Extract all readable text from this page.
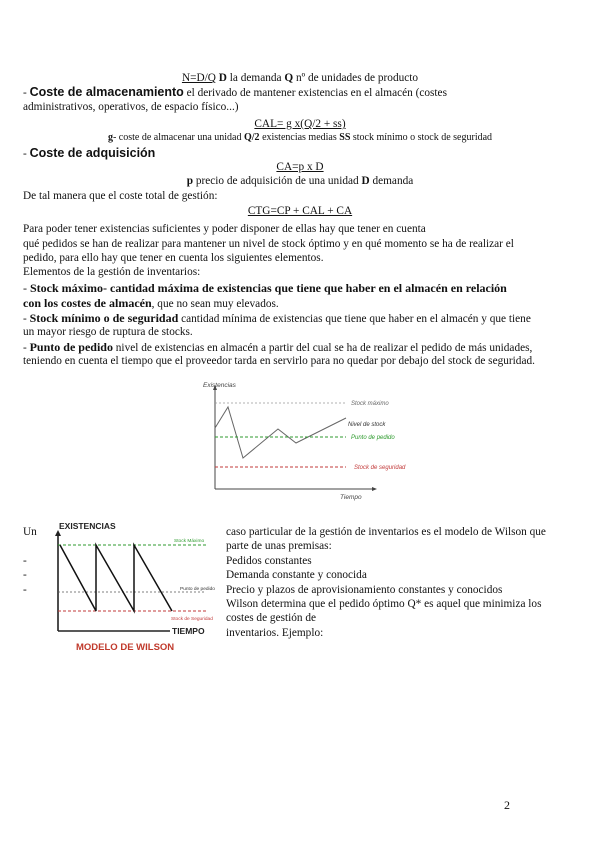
N=D/Q D la demanda Q nº de unidades de producto
- Coste de almacenamiento el derivado de mantener existencias en el almacén (costes
administrativos, operativos, de espacio físico...)
CAL= g x(Q/2 + ss)
g- coste de almacenar una unidad Q/2 existencias medias SS stock mínimo o stock de seguridad
- Coste de adquisición
CA=p x D
p precio de adquisición de una unidad D demanda
De tal manera que el coste total de gestión:
CTG=CP + CAL + CA
Para poder tener existencias suficientes y poder disponer de ellas hay que tener en cuenta
qué pedidos se han de realizar para mantener un nivel de stock óptimo y en qué momento se ha de realizar el
pedido, para ello hay que tener en cuenta los siguientes elementos.
Elementos de la gestión de inventarios:
- Stock máximo- cantidad máxima de existencias que tiene que haber en el almacén en relación
con los costes de almacén, que no sean muy elevados.
- Stock mínimo o de seguridad cantidad mínima de existencias que tiene que haber en el almacén y que tiene
un mayor riesgo de ruptura de stocks.
- Punto de pedido nivel de existencias en almacén a partir del cual se ha de realizar el pedido de más unidades,
teniendo en cuenta el tiempo que el proveedor tarda en servirlo para no quedar por debajo del stock de seguridad.
Existencias
Tiempo
Stock máximo
Nivel de stock
Punto de pedido
Stock de seguridad
Un	EXISTENCIAS
TIEMPO
Stock Máximo
Punto de pedido
Stock de Seguridad
MODELO DE WILSON
caso particular de la gestión de inventarios es el modelo de Wilson que
parte de unas premisas:
-	Pedidos constantes
-	Demanda constante y conocida
-	Precio y plazos de aprovisionamiento constantes y conocidos
Wilson determina que el pedido óptimo Q* es aquel que minimiza los
costes de gestión de
inventarios. Ejemplo:
2
